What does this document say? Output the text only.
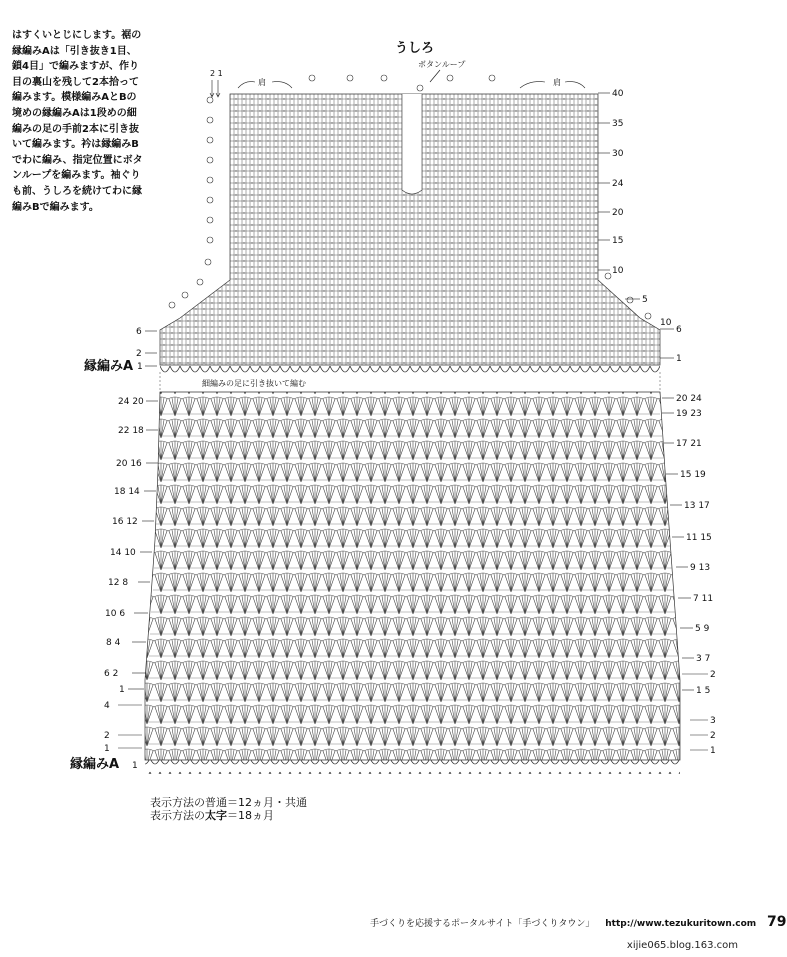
はすくいとじにします。裾の
縁編みAは「引き抜き1目、
鎖4目」で編みますが、作り
目の裏山を残して2本拾って
編みます。模様編みAとBの
境めの縁編みAは1段めの細
編みの足の手前2本に引き抜
いて編みます。衿は縁編みB
でわに編み、指定位置にボタ
ンループを編みます。袖ぐり
も前、うしろを続けてわに縁
編みBで編みます。
うしろ
ボタンループ
2 1
肩	肩
40
35
30
24
20
15
10
5
10
6
1
6
2
1
縁編みA
細編みの足に引き抜いて編む
20 24
19 23
17 21
15 19
13 17
11 15
9 13
7 11
5 9
3 7
2
1 5
3
2
1
24 20
22 18
20 16
18 14
16 12
14 10
12 8
10 6
8 4
6 2
1
4
2
1
縁編みA 1
表示方法の普通＝12ヵ月・共通
表示方法の太字＝18ヵ月
手づくりを応援するポータルサイト「手づくりタウン」 http://www.tezukuritown.com 79
xijie065.blog.163.com
